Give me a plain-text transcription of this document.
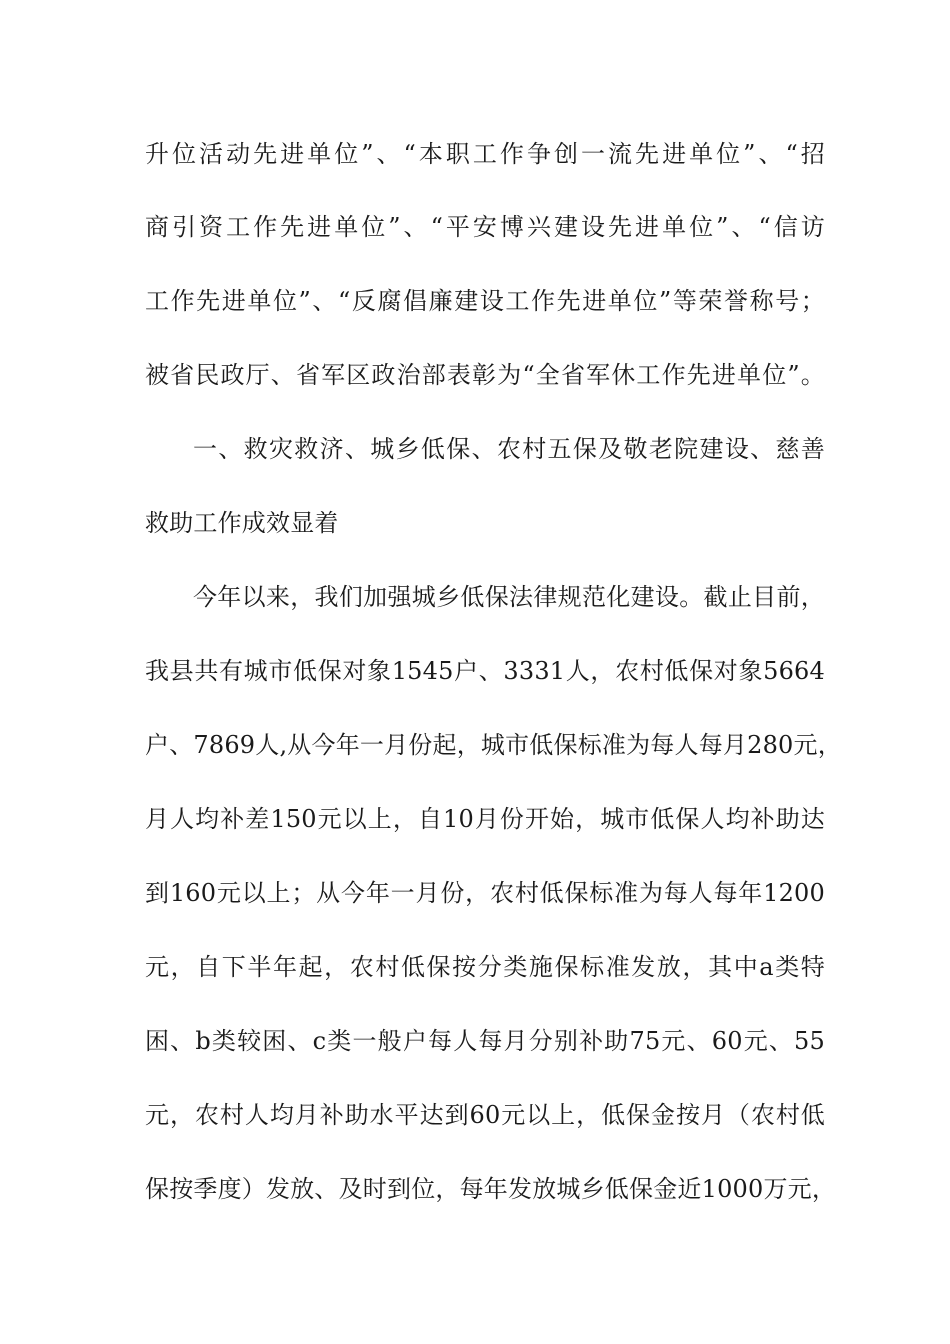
升位活动先进单位”、“本职工作争创一流先进单位”、“招
商引资工作先进单位”、“平安博兴建设先进单位”、“信访
工作先进单位”、“反腐倡廉建设工作先进单位”等荣誉称号；
被省民政厅、省军区政治部表彰为“全省军休工作先进单位”。
一、救灾救济、城乡低保、农村五保及敬老院建设、慈善
救助工作成效显着
今年以来，我们加强城乡低保法律规范化建设。截止目前，
我县共有城市低保对象1545户、3331人，农村低保对象5664
户、7869人,从今年一月份起，城市低保标准为每人每月280元，
月人均补差150元以上，自10月份开始，城市低保人均补助达
到160元以上；从今年一月份，农村低保标准为每人每年1200
元，自下半年起，农村低保按分类施保标准发放，其中a类特
困、b类较困、c类一般户每人每月分别补助75元、60元、55
元，农村人均月补助水平达到60元以上，低保金按月（农村低
保按季度）发放、及时到位，每年发放城乡低保金近1000万元，
